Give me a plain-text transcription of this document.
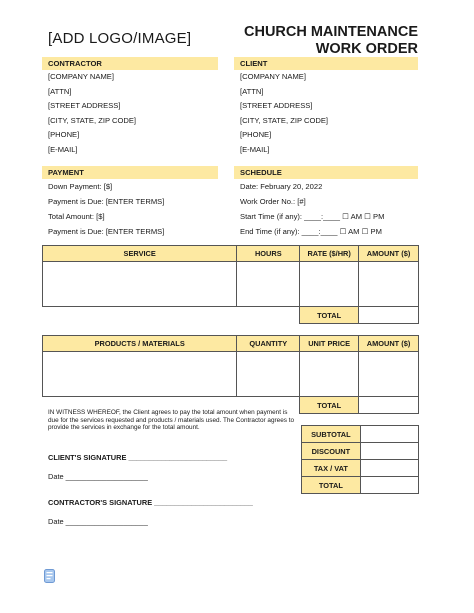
[ADD LOGO/IMAGE]	CHURCH MAINTENANCE
WORK ORDER
CONTRACTOR
[COMPANY NAME]
[ATTN]
[STREET ADDRESS]
[CITY, STATE, ZIP CODE]
[PHONE]
[E-MAIL]
CLIENT
[COMPANY NAME]
[ATTN]
[STREET ADDRESS]
[CITY, STATE, ZIP CODE]
[PHONE]
[E-MAIL]
PAYMENT
Down Payment: [$]
Payment is Due: [ENTER TERMS]
Total Amount: [$]
Payment is Due: [ENTER TERMS]
SCHEDULE
Date: February 20, 2022
Work Order No.: [#]
Start Time (if any): ____:____ ☐ AM ☐ PM
End Time (if any): ____:____ ☐ AM ☐ PM
SERVICE	HOURS	RATE ($/HR)	AMOUNT ($)

		TOTAL	
PRODUCTS / MATERIALS	QUANTITY	UNIT PRICE	AMOUNT ($)

		TOTAL	
IN WITNESS WHEREOF, the Client agrees to pay the total amount when payment is due for the services requested and products / materials used. The Contractor agrees to provide the services in exchange for the total amount.
SUBTOTAL	
DISCOUNT	
TAX / VAT	
TOTAL	
CLIENT'S SIGNATURE ________________________
Date ____________________
CONTRACTOR'S SIGNATURE ________________________
Date ____________________
